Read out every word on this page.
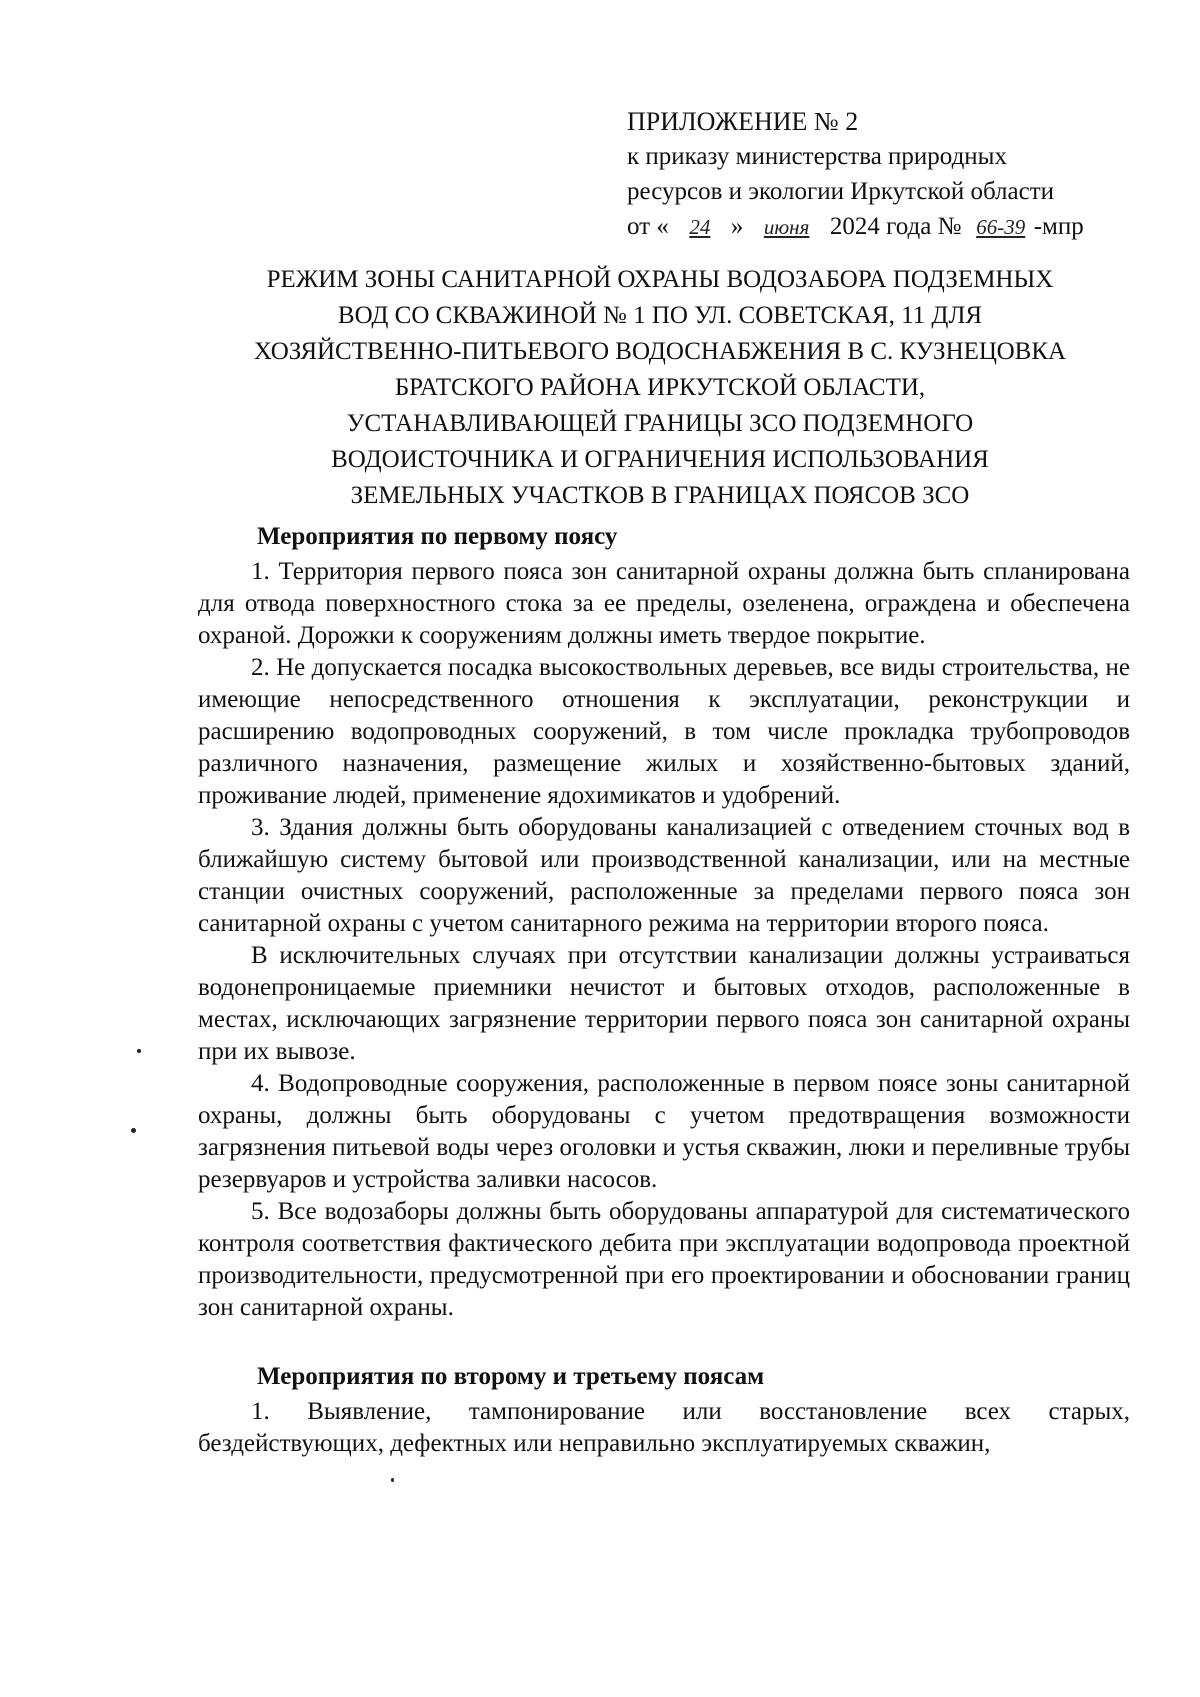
ПРИЛОЖЕНИЕ № 2
к приказу министерства природных
ресурсов и экологии Иркутской области
от « 24 » июня 2024 года № 66-39 -мпр
РЕЖИМ ЗОНЫ САНИТАРНОЙ ОХРАНЫ ВОДОЗАБОРА ПОДЗЕМНЫХ
ВОД СО СКВАЖИНОЙ № 1 ПО УЛ. СОВЕТСКАЯ, 11 ДЛЯ
ХОЗЯЙСТВЕННО-ПИТЬЕВОГО ВОДОСНАБЖЕНИЯ В С. КУЗНЕЦОВКА
БРАТСКОГО РАЙОНА ИРКУТСКОЙ ОБЛАСТИ,
УСТАНАВЛИВАЮЩЕЙ ГРАНИЦЫ ЗСО ПОДЗЕМНОГО
ВОДОИСТОЧНИКА И ОГРАНИЧЕНИЯ ИСПОЛЬЗОВАНИЯ
ЗЕМЕЛЬНЫХ УЧАСТКОВ В ГРАНИЦАХ ПОЯСОВ ЗСО
Мероприятия по первому поясу

1. Территория первого пояса зон санитарной охраны должна быть спланирована для отвода поверхностного стока за ее пределы, озеленена, ограждена и обеспечена охраной. Дорожки к сооружениям должны иметь твердое покрытие.

2. Не допускается посадка высокоствольных деревьев, все виды строительства, не имеющие непосредственного отношения к эксплуатации, реконструкции и расширению водопроводных сооружений, в том числе прокладка трубопроводов различного назначения, размещение жилых и хозяйственно-бытовых зданий, проживание людей, применение ядохимикатов и удобрений.

3. Здания должны быть оборудованы канализацией с отведением сточных вод в ближайшую систему бытовой или производственной канализации, или на местные станции очистных сооружений, расположенные за пределами первого пояса зон санитарной охраны с учетом санитарного режима на территории второго пояса.

В исключительных случаях при отсутствии канализации должны устраиваться водонепроницаемые приемники нечистот и бытовых отходов, расположенные в местах, исключающих загрязнение территории первого пояса зон санитарной охраны при их вывозе.

4. Водопроводные сооружения, расположенные в первом поясе зоны санитарной охраны, должны быть оборудованы с учетом предотвращения возможности загрязнения питьевой воды через оголовки и устья скважин, люки и переливные трубы резервуаров и устройства заливки насосов.

5. Все водозаборы должны быть оборудованы аппаратурой для систематического контроля соответствия фактического дебита при эксплуатации водопровода проектной производительности, предусмотренной при его проектировании и обосновании границ зон санитарной охраны.

Мероприятия по второму и третьему поясам

1. Выявление, тампонирование или восстановление всех старых, бездействующих, дефектных или неправильно эксплуатируемых скважин,
